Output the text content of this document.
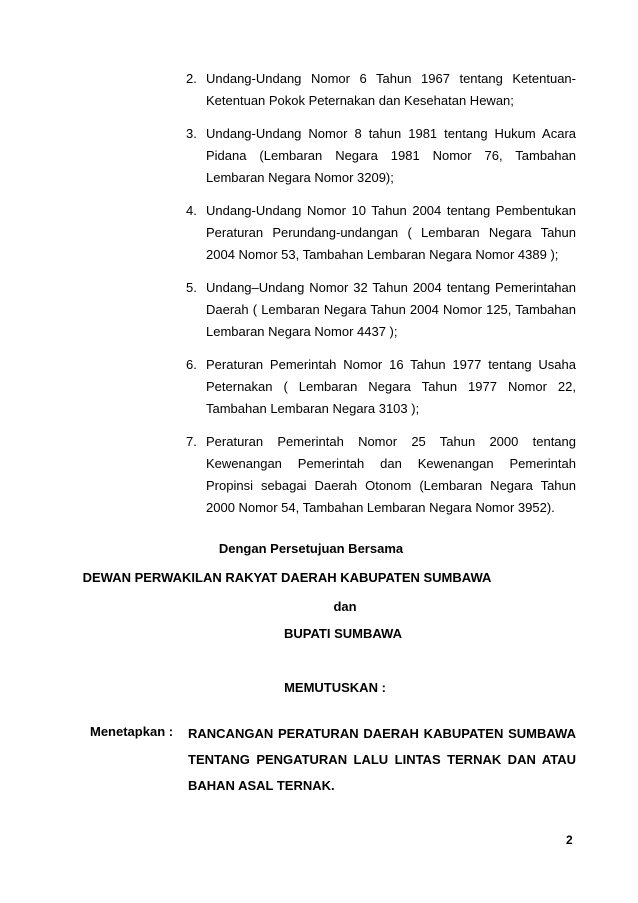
2. Undang-Undang Nomor 6 Tahun 1967 tentang Ketentuan-Ketentuan Pokok Peternakan dan Kesehatan Hewan;
3. Undang-Undang Nomor 8 tahun 1981 tentang Hukum Acara Pidana (Lembaran Negara 1981 Nomor 76, Tambahan Lembaran Negara Nomor 3209);
4. Undang-Undang Nomor 10 Tahun 2004 tentang Pembentukan Peraturan Perundang-undangan ( Lembaran Negara Tahun 2004 Nomor 53, Tambahan Lembaran Negara Nomor 4389 );
5. Undang–Undang Nomor 32 Tahun 2004 tentang Pemerintahan Daerah ( Lembaran Negara Tahun 2004 Nomor 125, Tambahan Lembaran Negara Nomor 4437 );
6. Peraturan Pemerintah Nomor 16 Tahun 1977 tentang Usaha Peternakan ( Lembaran Negara Tahun 1977 Nomor 22, Tambahan Lembaran Negara 3103 );
7. Peraturan Pemerintah Nomor 25 Tahun 2000 tentang Kewenangan Pemerintah dan Kewenangan Pemerintah Propinsi sebagai Daerah Otonom (Lembaran Negara Tahun 2000 Nomor 54, Tambahan Lembaran Negara Nomor 3952).
Dengan Persetujuan Bersama
DEWAN PERWAKILAN RAKYAT DAERAH KABUPATEN SUMBAWA
dan
BUPATI SUMBAWA
MEMUTUSKAN :
Menetapkan : RANCANGAN PERATURAN DAERAH KABUPATEN SUMBAWA TENTANG PENGATURAN LALU LINTAS TERNAK DAN ATAU BAHAN ASAL TERNAK.
2
